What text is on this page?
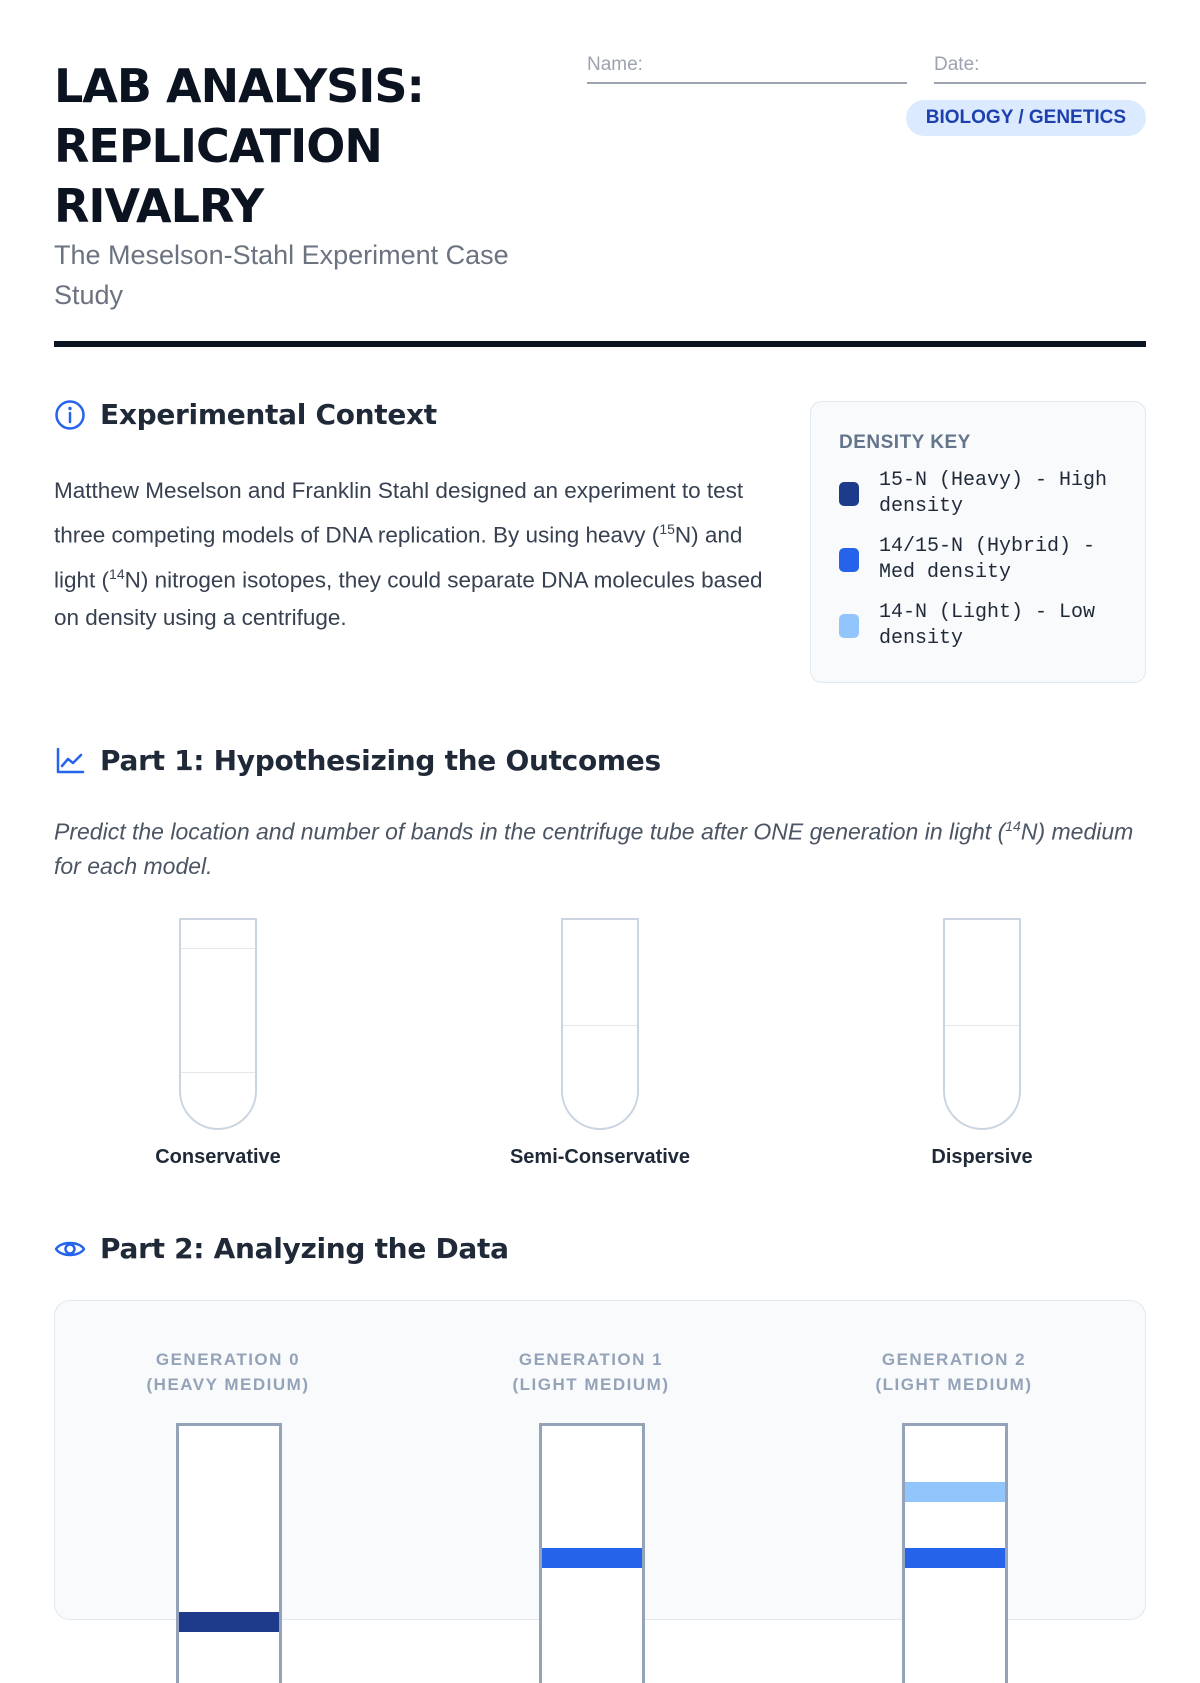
LAB ANALYSIS: REPLICATION RIVALRY
The Meselson-Stahl Experiment Case Study
Name:	Date:
BIOLOGY / GENETICS
Experimental Context
Matthew Meselson and Franklin Stahl designed an experiment to test three competing models of DNA replication. By using heavy ($^{15}$N) and light ($^{14}$N) nitrogen isotopes, they could separate DNA molecules based on density using a centrifuge.
DENSITY KEY
15-N (Heavy) - High density
14/15-N (Hybrid) - Med density
14-N (Light) - Low density
Part 1: Hypothesizing the Outcomes
Predict the location and number of bands in the centrifuge tube after ONE generation in light ($^{14}$N) medium for each model.
Conservative	Semi-Conservative	Dispersive
Part 2: Analyzing the Data
GENERATION 0
(HEAVY MEDIUM)
GENERATION 1
(LIGHT MEDIUM)
GENERATION 2
(LIGHT MEDIUM)
